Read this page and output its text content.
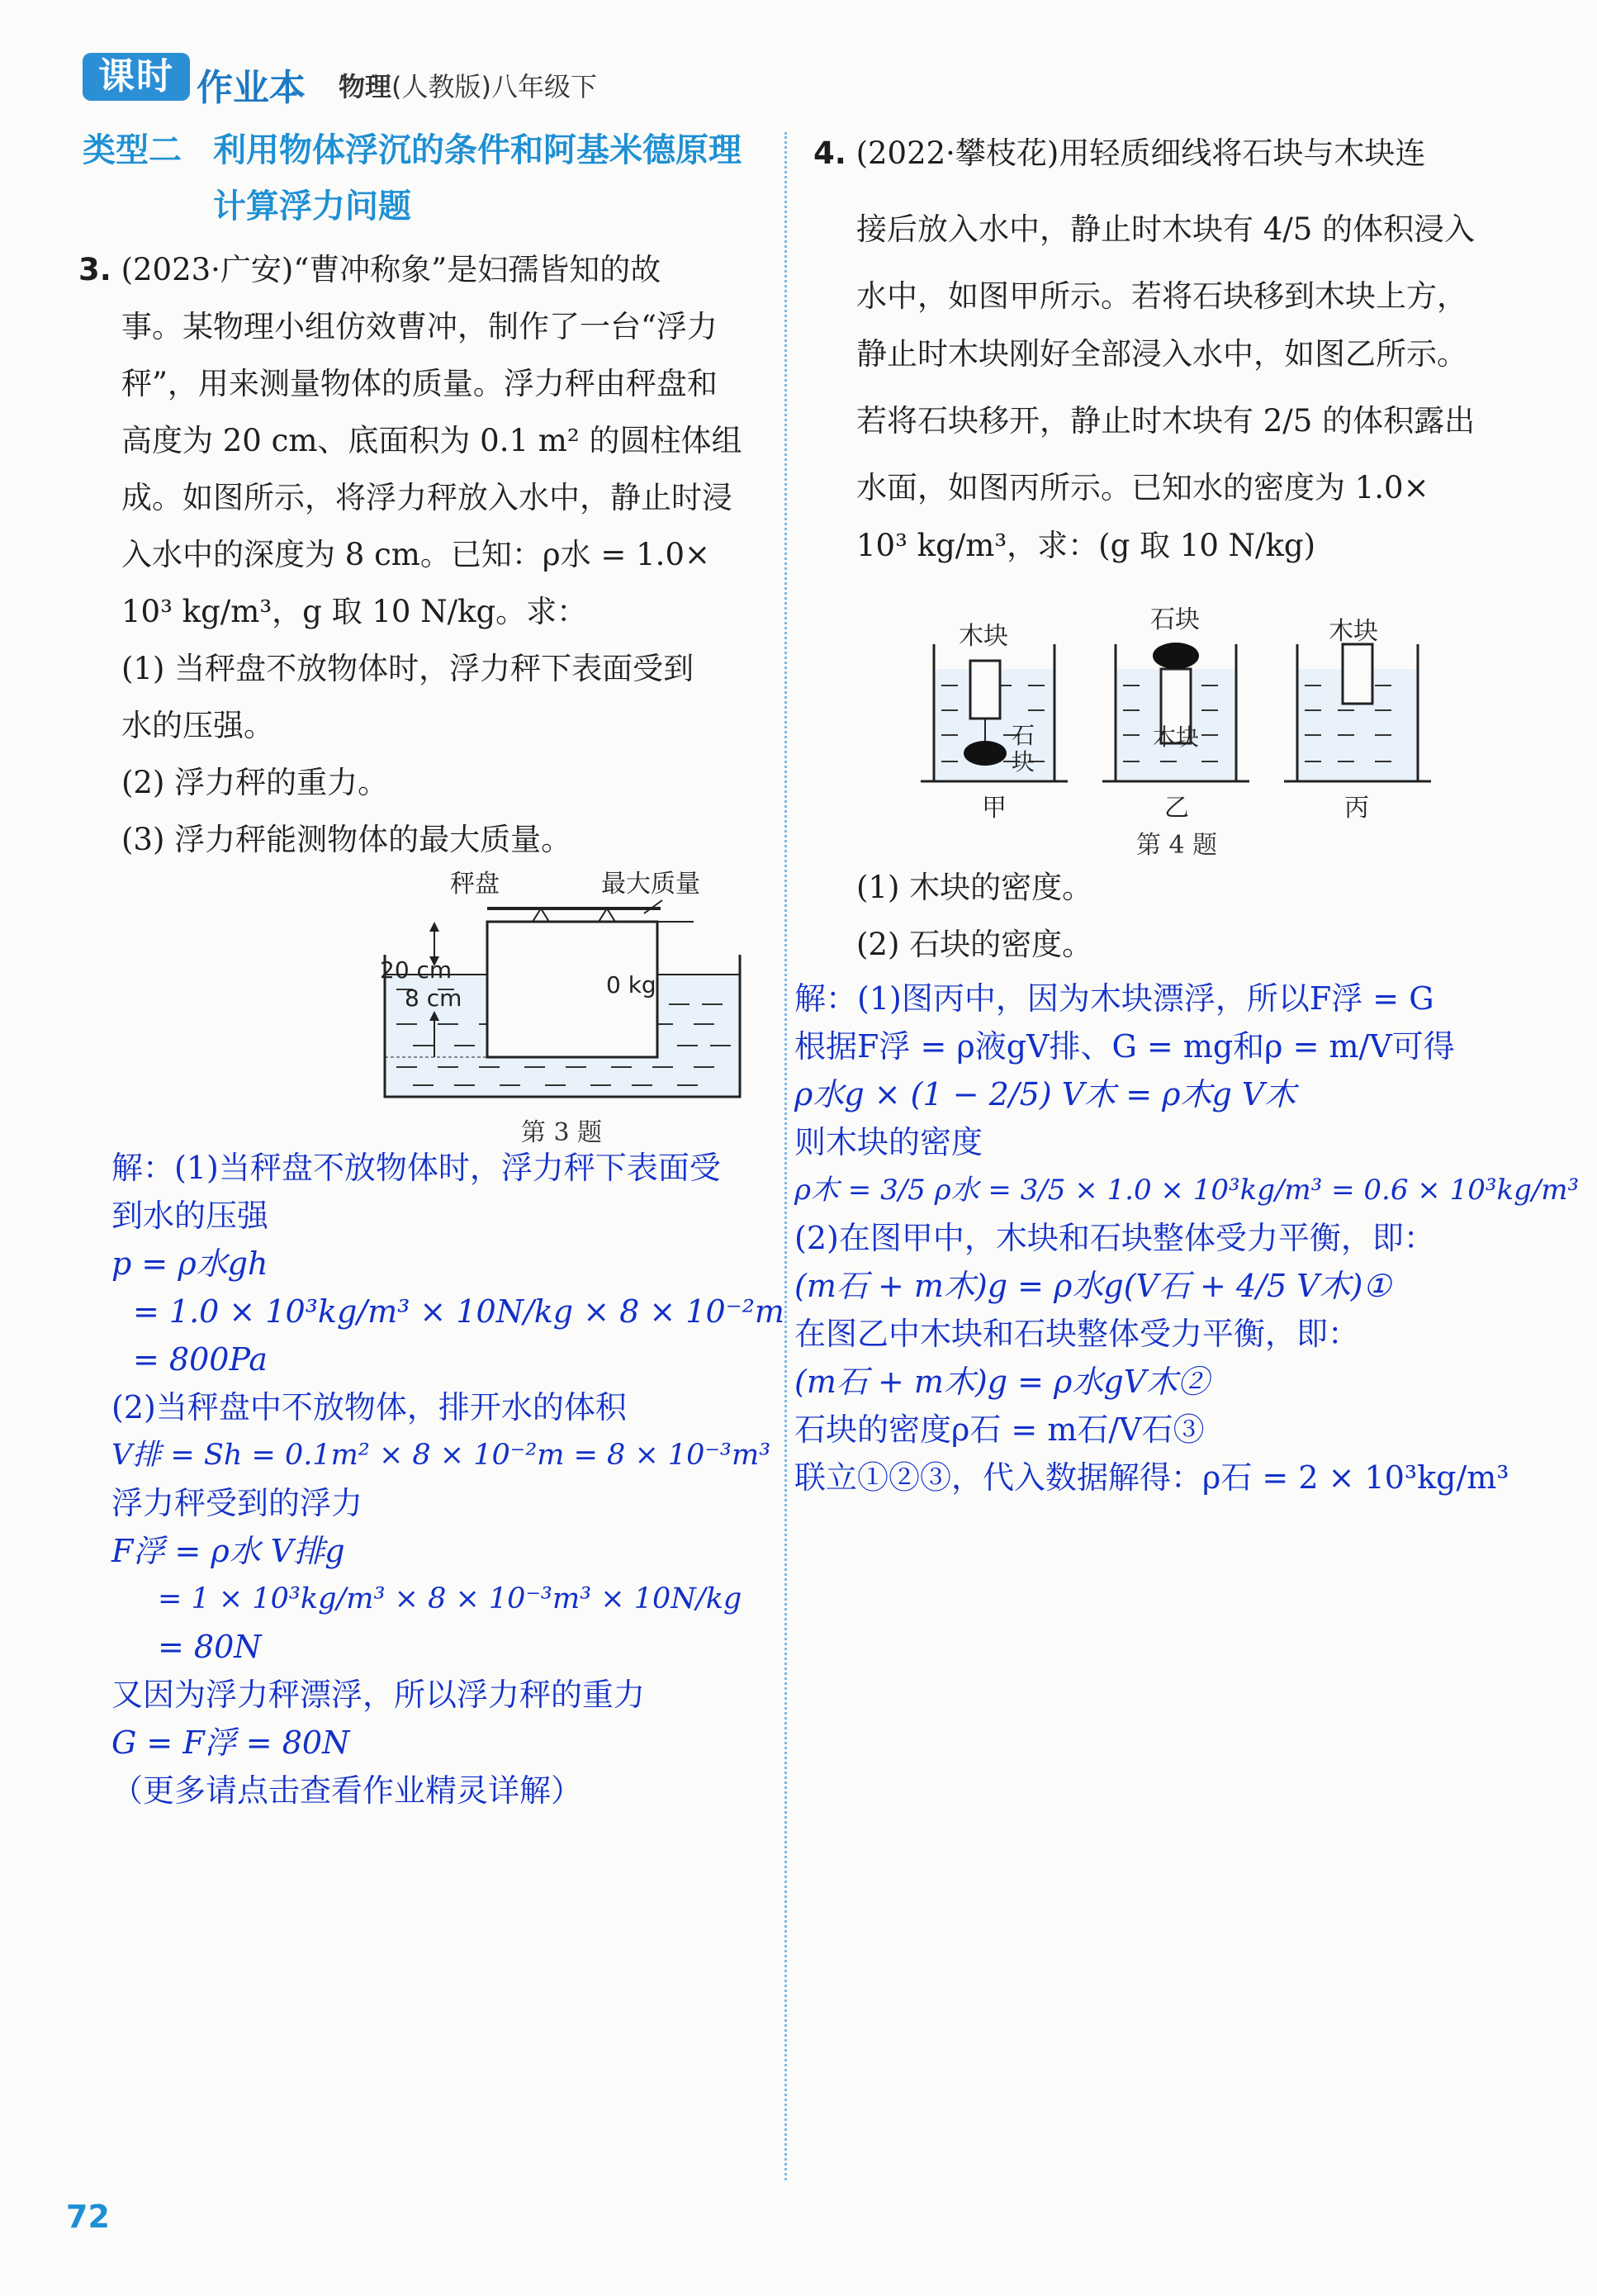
课时 作业本 物理(人教版)八年级下
类型二 利用物体浮沉的条件和阿基米德原理
计算浮力问题

3. (2023·广安)“曹冲称象”是妇孺皆知的故

事。某物理小组仿效曹冲，制作了一台“浮力

秤”，用来测量物体的质量。浮力秤由秤盘和

高度为 20 cm、底面积为 0.1 m² 的圆柱体组

成。如图所示，将浮力秤放入水中，静止时浸

入水中的深度为 8 cm。已知：ρ水 = 1.0×

10³ kg/m³，g 取 10 N/kg。求：

(1) 当秤盘不放物体时，浮力秤下表面受到

水的压强。

(2) 浮力秤的重力。

(3) 浮力秤能测物体的最大质量。

秤盘	最大质量
20 cm
8 cm	0 kg
第 3 题

解：(1)当秤盘不放物体时，浮力秤下表面受

到水的压强

p = ρ水gh

= 1.0 × 10³kg/m³ × 10N/kg × 8 × 10⁻²m

= 800Pa

(2)当秤盘中不放物体，排开水的体积

V排 = Sh = 0.1m² × 8 × 10⁻²m = 8 × 10⁻³m³

浮力秤受到的浮力

F浮 = ρ水 V排g

= 1 × 10³kg/m³ × 8 × 10⁻³m³ × 10N/kg

= 80N

又因为浮力秤漂浮，所以浮力秤的重力

G = F浮 = 80N

（更多请点击查看作业精灵详解）

4. (2022·攀枝花)用轻质细线将石块与木块连

接后放入水中，静止时木块有 4/5 的体积浸入

水中，如图甲所示。若将石块移到木块上方，

静止时木块刚好全部浸入水中，如图乙所示。

若将石块移开，静止时木块有 2/5 的体积露出

水面，如图丙所示。已知水的密度为 1.0×

10³ kg/m³，求：(g 取 10 N/kg)

木块
石
块
石块
木块
木块
甲	乙	丙
第 4 题

(1) 木块的密度。

(2) 石块的密度。

解：(1)图丙中，因为木块漂浮，所以F浮 = G

根据F浮 = ρ液gV排、G = mg和ρ = m/V可得

ρ水g × (1 − 2/5) V木 = ρ木g V木

则木块的密度

ρ木 = 3/5 ρ水 = 3/5 × 1.0 × 10³kg/m³ = 0.6 × 10³kg/m³

(2)在图甲中，木块和石块整体受力平衡，即：

(m石 + m木)g = ρ水g(V石 + 4/5 V木)①

在图乙中木块和石块整体受力平衡，即：

(m石 + m木)g = ρ水gV木②

石块的密度ρ石 = m石/V石③

联立①②③，代入数据解得：ρ石 = 2 × 10³kg/m³

72
